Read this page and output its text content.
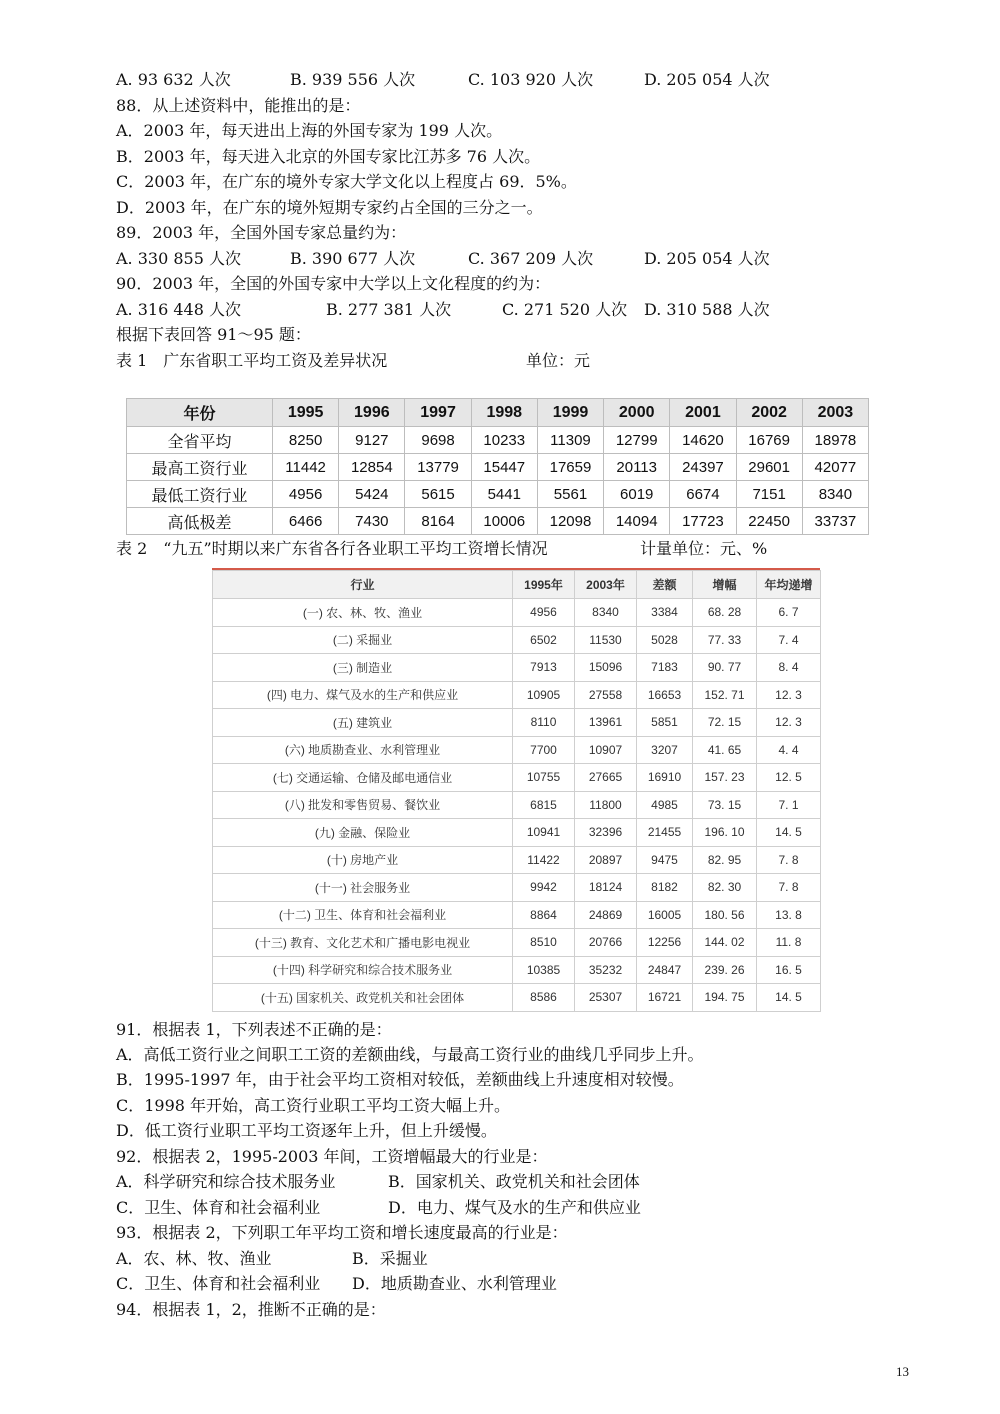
A. 93 632 人次	B. 939 556 人次	C. 103 920 人次	D. 205 054 人次
88．从上述资料中，能推出的是：
A．2003 年，每天进出上海的外国专家为 199 人次。
B．2003 年，每天进入北京的外国专家比江苏多 76 人次。
C．2003 年，在广东的境外专家大学文化以上程度占 69．5%。
D．2003 年，在广东的境外短期专家约占全国的三分之一。
89．2003 年，全国外国专家总量约为：
A. 330 855 人次	B. 390 677 人次	C. 367 209 人次	D. 205 054 人次
90．2003 年，全国的外国专家中大学以上文化程度的约为：
A. 316 448 人次	B. 277 381 人次	C. 271 520 人次 D. 310 588 人次
根据下表回答 91～95 题：
表 1　广东省职工平均工资及差异状况	单位：元
年份	1995	1996	1997	1998	1999	2000	2001	2002	2003
全省平均	8250	9127	9698	10233	11309	12799	14620	16769	18978
最高工资行业	11442	12854	13779	15447	17659	20113	24397	29601	42077
最低工资行业	4956	5424	5615	5441	5561	6019	6674	7151	8340
高低极差	6466	7430	8164	10006	12098	14094	17723	22450	33737
表 2　“九五”时期以来广东省各行各业职工平均工资增长情况	计量单位：元、%
行业	1995年	2003年	差额	增幅	年均递增
(一) 农、林、牧、渔业	4956	8340	3384	68. 28	6. 7
(二) 采掘业	6502	11530	5028	77. 33	7. 4
(三) 制造业	7913	15096	7183	90. 77	8. 4
(四) 电力、煤气及水的生产和供应业	10905	27558	16653	152. 71	12. 3
(五) 建筑业	8110	13961	5851	72. 15	12. 3
(六) 地质勘查业、水利管理业	7700	10907	3207	41. 65	4. 4
(七) 交通运输、仓储及邮电通信业	10755	27665	16910	157. 23	12. 5
(八) 批发和零售贸易、餐饮业	6815	11800	4985	73. 15	7. 1
(九) 金融、保险业	10941	32396	21455	196. 10	14. 5
(十) 房地产业	11422	20897	9475	82. 95	7. 8
(十一) 社会服务业	9942	18124	8182	82. 30	7. 8
(十二) 卫生、体育和社会福利业	8864	24869	16005	180. 56	13. 8
(十三) 教育、文化艺术和广播电影电视业	8510	20766	12256	144. 02	11. 8
(十四) 科学研究和综合技术服务业	10385	35232	24847	239. 26	16. 5
(十五) 国家机关、政党机关和社会团体	8586	25307	16721	194. 75	14. 5
91．根据表 1，下列表述不正确的是：
A．高低工资行业之间职工工资的差额曲线，与最高工资行业的曲线几乎同步上升。
B．1995-1997 年，由于社会平均工资相对较低，差额曲线上升速度相对较慢。
C．1998 年开始，高工资行业职工平均工资大幅上升。
D．低工资行业职工平均工资逐年上升，但上升缓慢。
92．根据表 2，1995-2003 年间，工资增幅最大的行业是：
A．科学研究和综合技术服务业	B．国家机关、政党机关和社会团体
C．卫生、体育和社会福利业	D．电力、煤气及水的生产和供应业
93．根据表 2，下列职工年平均工资和增长速度最高的行业是：
A．农、林、牧、渔业	B．采掘业
C．卫生、体育和社会福利业 D．地质勘查业、水利管理业
94．根据表 1，2，推断不正确的是：
13
